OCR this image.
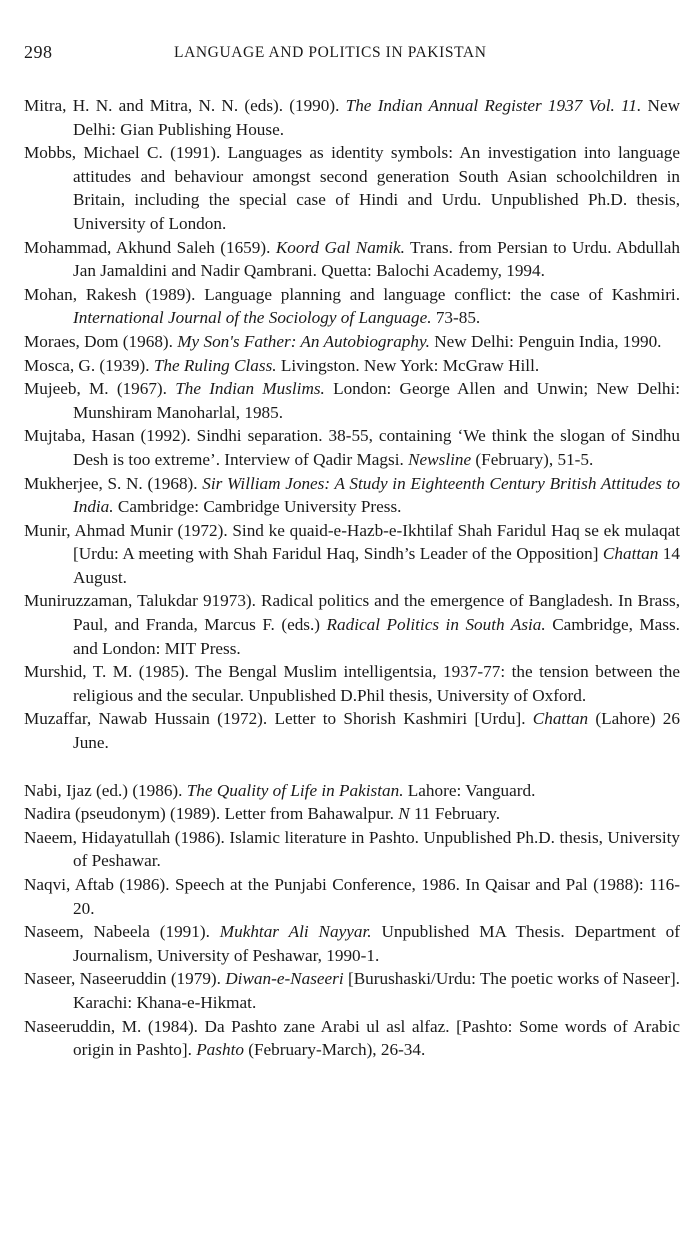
298	LANGUAGE AND POLITICS IN PAKISTAN

Mitra, H. N. and Mitra, N. N. (eds). (1990). The Indian Annual Register 1937 Vol. 11. New Delhi: Gian Publishing House.

Mobbs, Michael C. (1991). Languages as identity symbols: An investigation into language attitudes and behaviour amongst second generation South Asian schoolchildren in Britain, including the special case of Hindi and Urdu. Unpublished Ph.D. thesis, University of London.

Mohammad, Akhund Saleh (1659). Koord Gal Namik. Trans. from Persian to Urdu. Abdullah Jan Jamaldini and Nadir Qambrani. Quetta: Balochi Academy, 1994.

Mohan, Rakesh (1989). Language planning and language conflict: the case of Kashmiri. International Journal of the Sociology of Language. 73-85.

Moraes, Dom (1968). My Son's Father: An Autobiography. New Delhi: Penguin India, 1990.

Mosca, G. (1939). The Ruling Class. Livingston. New York: McGraw Hill.

Mujeeb, M. (1967). The Indian Muslims. London: George Allen and Unwin; New Delhi: Munshiram Manoharlal, 1985.

Mujtaba, Hasan (1992). Sindhi separation. 38-55, containing ‘We think the slogan of Sindhu Desh is too extreme’. Interview of Qadir Magsi. Newsline (February), 51-5.

Mukherjee, S. N. (1968). Sir William Jones: A Study in Eighteenth Century British Attitudes to India. Cambridge: Cambridge University Press.

Munir, Ahmad Munir (1972). Sind ke quaid-e-Hazb-e-Ikhtilaf Shah Faridul Haq se ek mulaqat [Urdu: A meeting with Shah Faridul Haq, Sindh’s Leader of the Opposition] Chattan 14 August.

Muniruzzaman, Talukdar 91973). Radical politics and the emergence of Bangladesh. In Brass, Paul, and Franda, Marcus F. (eds.) Radical Politics in South Asia. Cambridge, Mass. and London: MIT Press.

Murshid, T. M. (1985). The Bengal Muslim intelligentsia, 1937-77: the tension between the religious and the secular. Unpublished D.Phil thesis, University of Oxford.

Muzaffar, Nawab Hussain (1972). Letter to Shorish Kashmiri [Urdu]. Chattan (Lahore) 26 June.

Nabi, Ijaz (ed.) (1986). The Quality of Life in Pakistan. Lahore: Vanguard.

Nadira (pseudonym) (1989). Letter from Bahawalpur. N 11 February.

Naeem, Hidayatullah (1986). Islamic literature in Pashto. Unpublished Ph.D. thesis, University of Peshawar.

Naqvi, Aftab (1986). Speech at the Punjabi Conference, 1986. In Qaisar and Pal (1988): 116-20.

Naseem, Nabeela (1991). Mukhtar Ali Nayyar. Unpublished MA Thesis. Department of Journalism, University of Peshawar, 1990-1.

Naseer, Naseeruddin (1979). Diwan-e-Naseeri [Burushaski/Urdu: The poetic works of Naseer]. Karachi: Khana-e-Hikmat.

Naseeruddin, M. (1984). Da Pashto zane Arabi ul asl alfaz. [Pashto: Some words of Arabic origin in Pashto]. Pashto (February-March), 26-34.
